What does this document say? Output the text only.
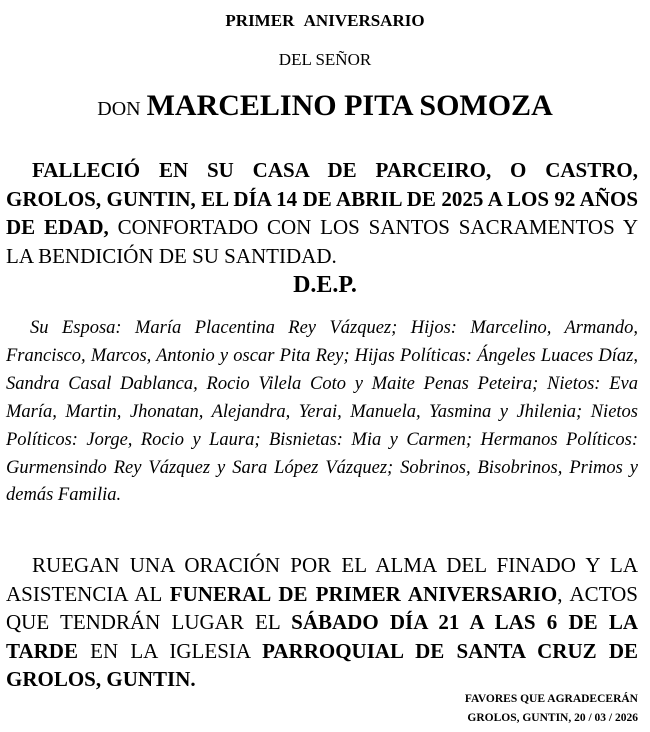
PRIMER ANIVERSARIO
DEL SEÑOR
DON MARCELINO PITA SOMOZA
FALLECIÓ EN SU CASA DE PARCEIRO, O CASTRO, GROLOS, GUNTIN, EL DÍA 14 DE ABRIL DE 2025 A LOS 92 AÑOS DE EDAD, CONFORTADO CON LOS SANTOS SACRAMENTOS Y LA BENDICIÓN DE SU SANTIDAD.
D.E.P.
Su Esposa: María Placentina Rey Vázquez; Hijos: Marcelino, Armando, Francisco, Marcos, Antonio y oscar Pita Rey; Hijas Políticas: Ángeles Luaces Díaz, Sandra Casal Dablanca, Rocio Vilela Coto y Maite Penas Peteira; Nietos: Eva María, Martin, Jhonatan, Alejandra, Yerai, Manuela, Yasmina y Jhilenia; Nietos Políticos: Jorge, Rocio y Laura; Bisnietas: Mia y Carmen; Hermanos Políticos: Gurmensindo Rey Vázquez y Sara López Vázquez; Sobrinos, Bisobrinos, Primos y demás Familia.
RUEGAN UNA ORACIÓN POR EL ALMA DEL FINADO Y LA ASISTENCIA AL FUNERAL DE PRIMER ANIVERSARIO, ACTOS QUE TENDRÁN LUGAR EL SÁBADO DÍA 21 A LAS 6 DE LA TARDE EN LA IGLESIA PARROQUIAL DE SANTA CRUZ DE GROLOS, GUNTIN.
FAVORES QUE AGRADECERÁN
GROLOS, GUNTIN, 20 / 03 / 2026
